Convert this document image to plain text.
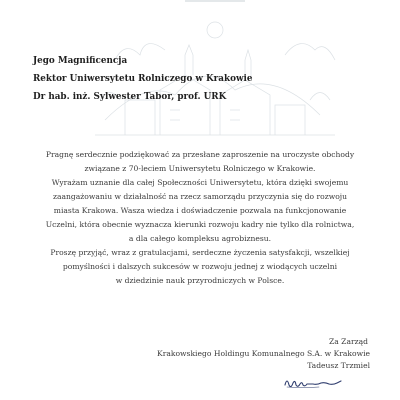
Jego Magnificencja
Rektor Uniwersytetu Rolniczego w Krakowie
Dr hab. inż. Sylwester Tabor, prof. URK
Pragnę serdecznie podziękować za przesłane zaproszenie na uroczyste obchody
związane z 70-leciem Uniwersytetu Rolniczego w Krakowie.
Wyrażam uznanie dla całej Społeczności Uniwersytetu, która dzięki swojemu
zaangażowaniu w działalność na rzecz samorządu przyczynia się do rozwoju
miasta Krakowa. Wasza wiedza i doświadczenie pozwala na funkcjonowanie
Uczelni, która obecnie wyznacza kierunki rozwoju kadry nie tylko dla rolnictwa,
a dla całego kompleksu agrobiznesu.
Proszę przyjąć, wraz z gratulacjami, serdeczne życzenia satysfakcji, wszelkiej
pomyślności i dalszych sukcesów w rozwoju jednej z wiodących uczelni
w dziedzinie nauk przyrodniczych w Polsce.
Za Zarząd
Krakowskiego Holdingu Komunalnego S.A. w Krakowie
Tadeusz Trzmiel
